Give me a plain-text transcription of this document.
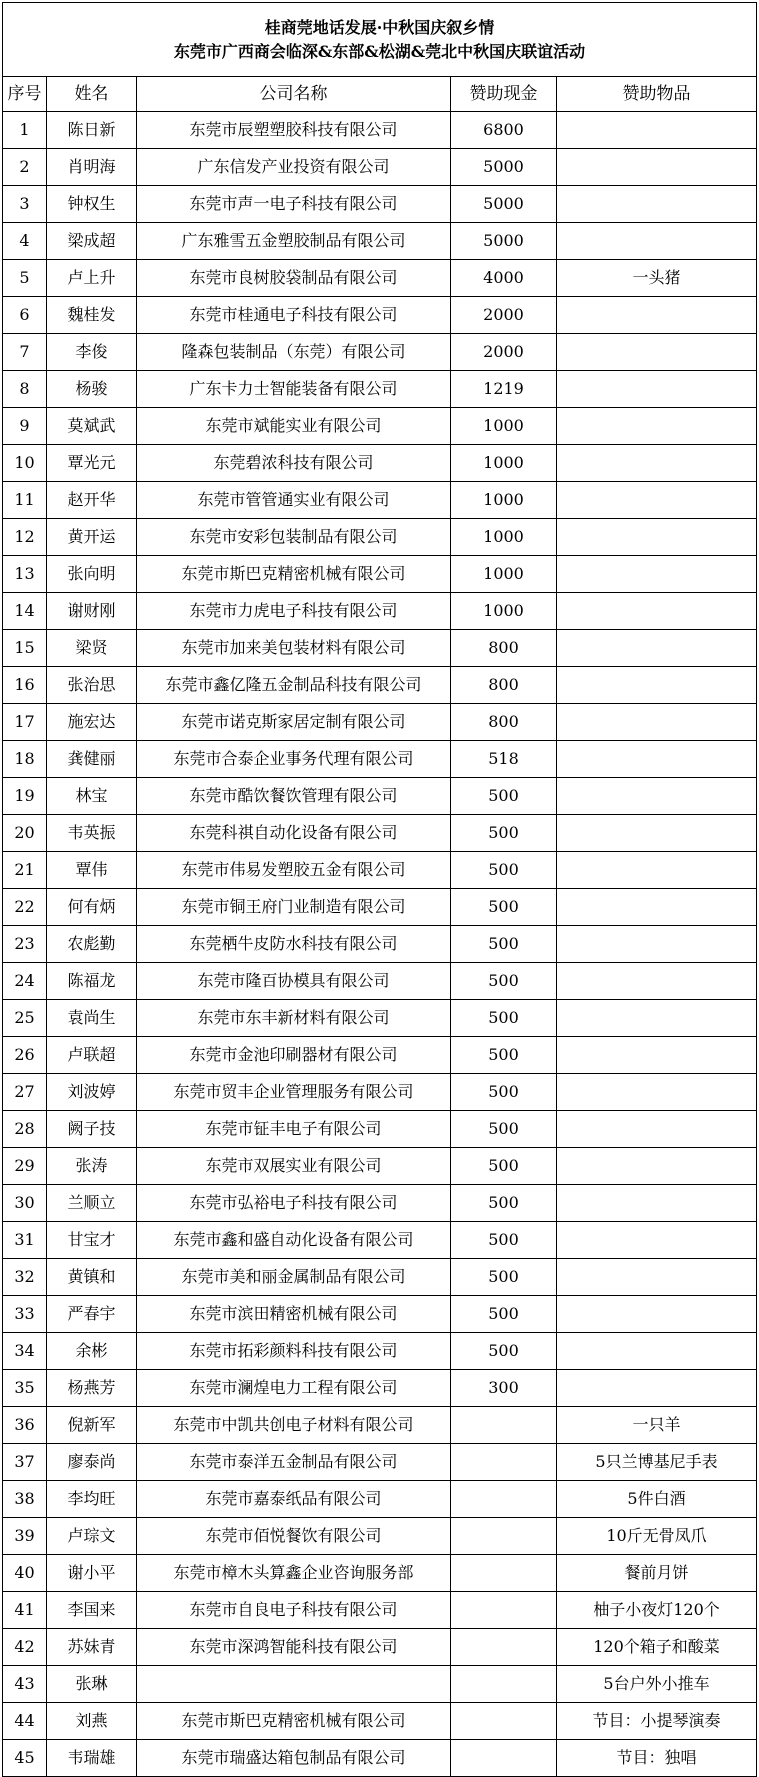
桂商莞地话发展·中秋国庆叙乡情
东莞市广西商会临深&东部&松湖&莞北中秋国庆联谊活动				

序号	姓名	公司名称	赞助现金	赞助物品
1	陈日新	东莞市辰塑塑胶科技有限公司	6800	
2	肖明海	广东信发产业投资有限公司	5000	
3	钟权生	东莞市声一电子科技有限公司	5000	
4	梁成超	广东雅雪五金塑胶制品有限公司	5000	
5	卢上升	东莞市良树胶袋制品有限公司	4000	一头猪
6	魏桂发	东莞市桂通电子科技有限公司	2000	
7	李俊	隆森包装制品（东莞）有限公司	2000	
8	杨骏	广东卡力士智能装备有限公司	1219	
9	莫斌武	东莞市斌能实业有限公司	1000	
10	覃光元	东莞碧浓科技有限公司	1000	
11	赵开华	东莞市管管通实业有限公司	1000	
12	黄开运	东莞市安彩包装制品有限公司	1000	
13	张向明	东莞市斯巴克精密机械有限公司	1000	
14	谢财刚	东莞市力虎电子科技有限公司	1000	
15	梁贤	东莞市加来美包装材料有限公司	800	
16	张治思	东莞市鑫亿隆五金制品科技有限公司	800	
17	施宏达	东莞市诺克斯家居定制有限公司	800	
18	龚健丽	东莞市合泰企业事务代理有限公司	518	
19	林宝	东莞市酷饮餐饮管理有限公司	500	
20	韦英振	东莞科祺自动化设备有限公司	500	
21	覃伟	东莞市伟易发塑胶五金有限公司	500	
22	何有炳	东莞市铜王府门业制造有限公司	500	
23	农彪勤	东莞栖牛皮防水科技有限公司	500	
24	陈福龙	东莞市隆百协模具有限公司	500	
25	袁尚生	东莞市东丰新材料有限公司	500	
26	卢联超	东莞市金池印刷器材有限公司	500	
27	刘波婷	东莞市贸丰企业管理服务有限公司	500	
28	阙子技	东莞市钲丰电子有限公司	500	
29	张涛	东莞市双展实业有限公司	500	
30	兰顺立	东莞市弘裕电子科技有限公司	500	
31	甘宝才	东莞市鑫和盛自动化设备有限公司	500	
32	黄镇和	东莞市美和丽金属制品有限公司	500	
33	严春宇	东莞市滨田精密机械有限公司	500	
34	余彬	东莞市拓彩颜料科技有限公司	500	
35	杨燕芳	东莞市澜煌电力工程有限公司	300	
36	倪新军	东莞市中凯共创电子材料有限公司		一只羊
37	廖泰尚	东莞市泰洋五金制品有限公司		5只兰博基尼手表
38	李均旺	东莞市嘉泰纸品有限公司		5件白酒
39	卢琮文	东莞市佰悦餐饮有限公司		10斤无骨凤爪
40	谢小平	东莞市樟木头算鑫企业咨询服务部		餐前月饼
41	李国来	东莞市自良电子科技有限公司		柚子小夜灯120个
42	苏妹青	东莞市深鸿智能科技有限公司		120个箱子和酸菜
43	张琳			5台户外小推车
44	刘燕	东莞市斯巴克精密机械有限公司		节目：小提琴演奏
45	韦瑞雄	东莞市瑞盛达箱包制品有限公司		节目：独唱
